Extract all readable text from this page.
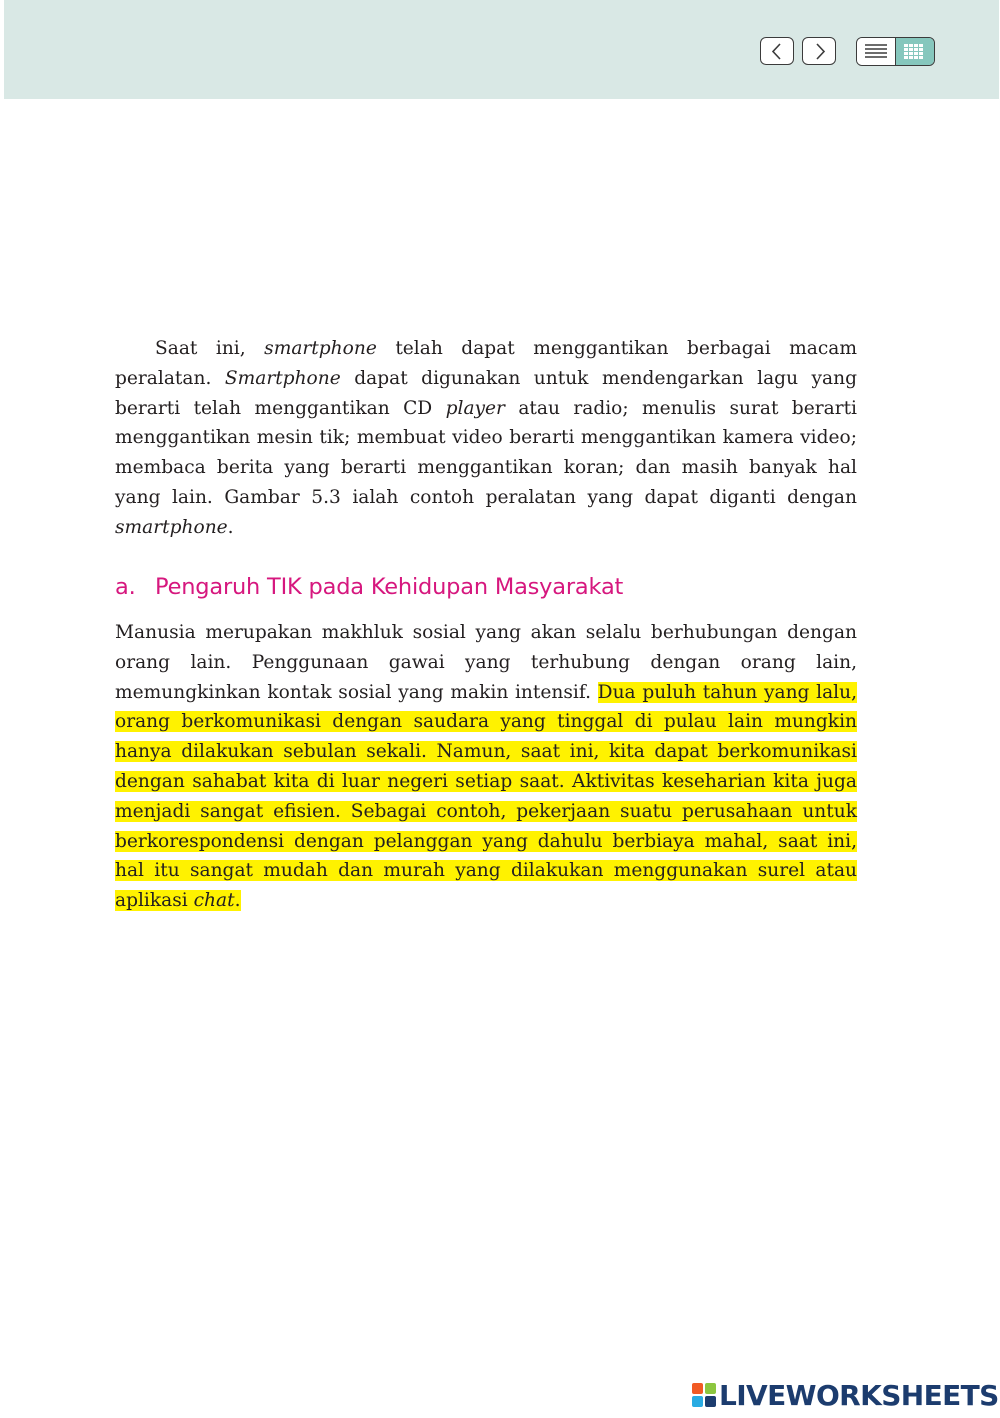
Saat ini, smartphone telah dapat menggantikan berbagai macam peralatan. Smartphone dapat digunakan untuk mendengarkan lagu yang berarti telah menggantikan CD player atau radio; menulis surat berarti menggantikan mesin tik; membuat video berarti menggantikan kamera video; membaca berita yang berarti menggantikan koran; dan masih banyak hal yang lain. Gambar 5.3 ialah contoh peralatan yang dapat diganti dengan smartphone.

a. Pengaruh TIK pada Kehidupan Masyarakat

Manusia merupakan makhluk sosial yang akan selalu berhubungan dengan orang lain. Penggunaan gawai yang terhubung dengan orang lain, memungkinkan kontak sosial yang makin intensif. Dua puluh tahun yang lalu, orang berkomunikasi dengan saudara yang tinggal di pulau lain mungkin hanya dilakukan sebulan sekali. Namun, saat ini, kita dapat berkomunikasi dengan sahabat kita di luar negeri setiap saat. Aktivitas keseharian kita juga menjadi sangat efisien. Sebagai contoh, pekerjaan suatu perusahaan untuk berkorespondensi dengan pelanggan yang dahulu berbiaya mahal, saat ini, hal itu sangat mudah dan murah yang dilakukan menggunakan surel atau aplikasi chat.

LIVEWORKSHEETS
